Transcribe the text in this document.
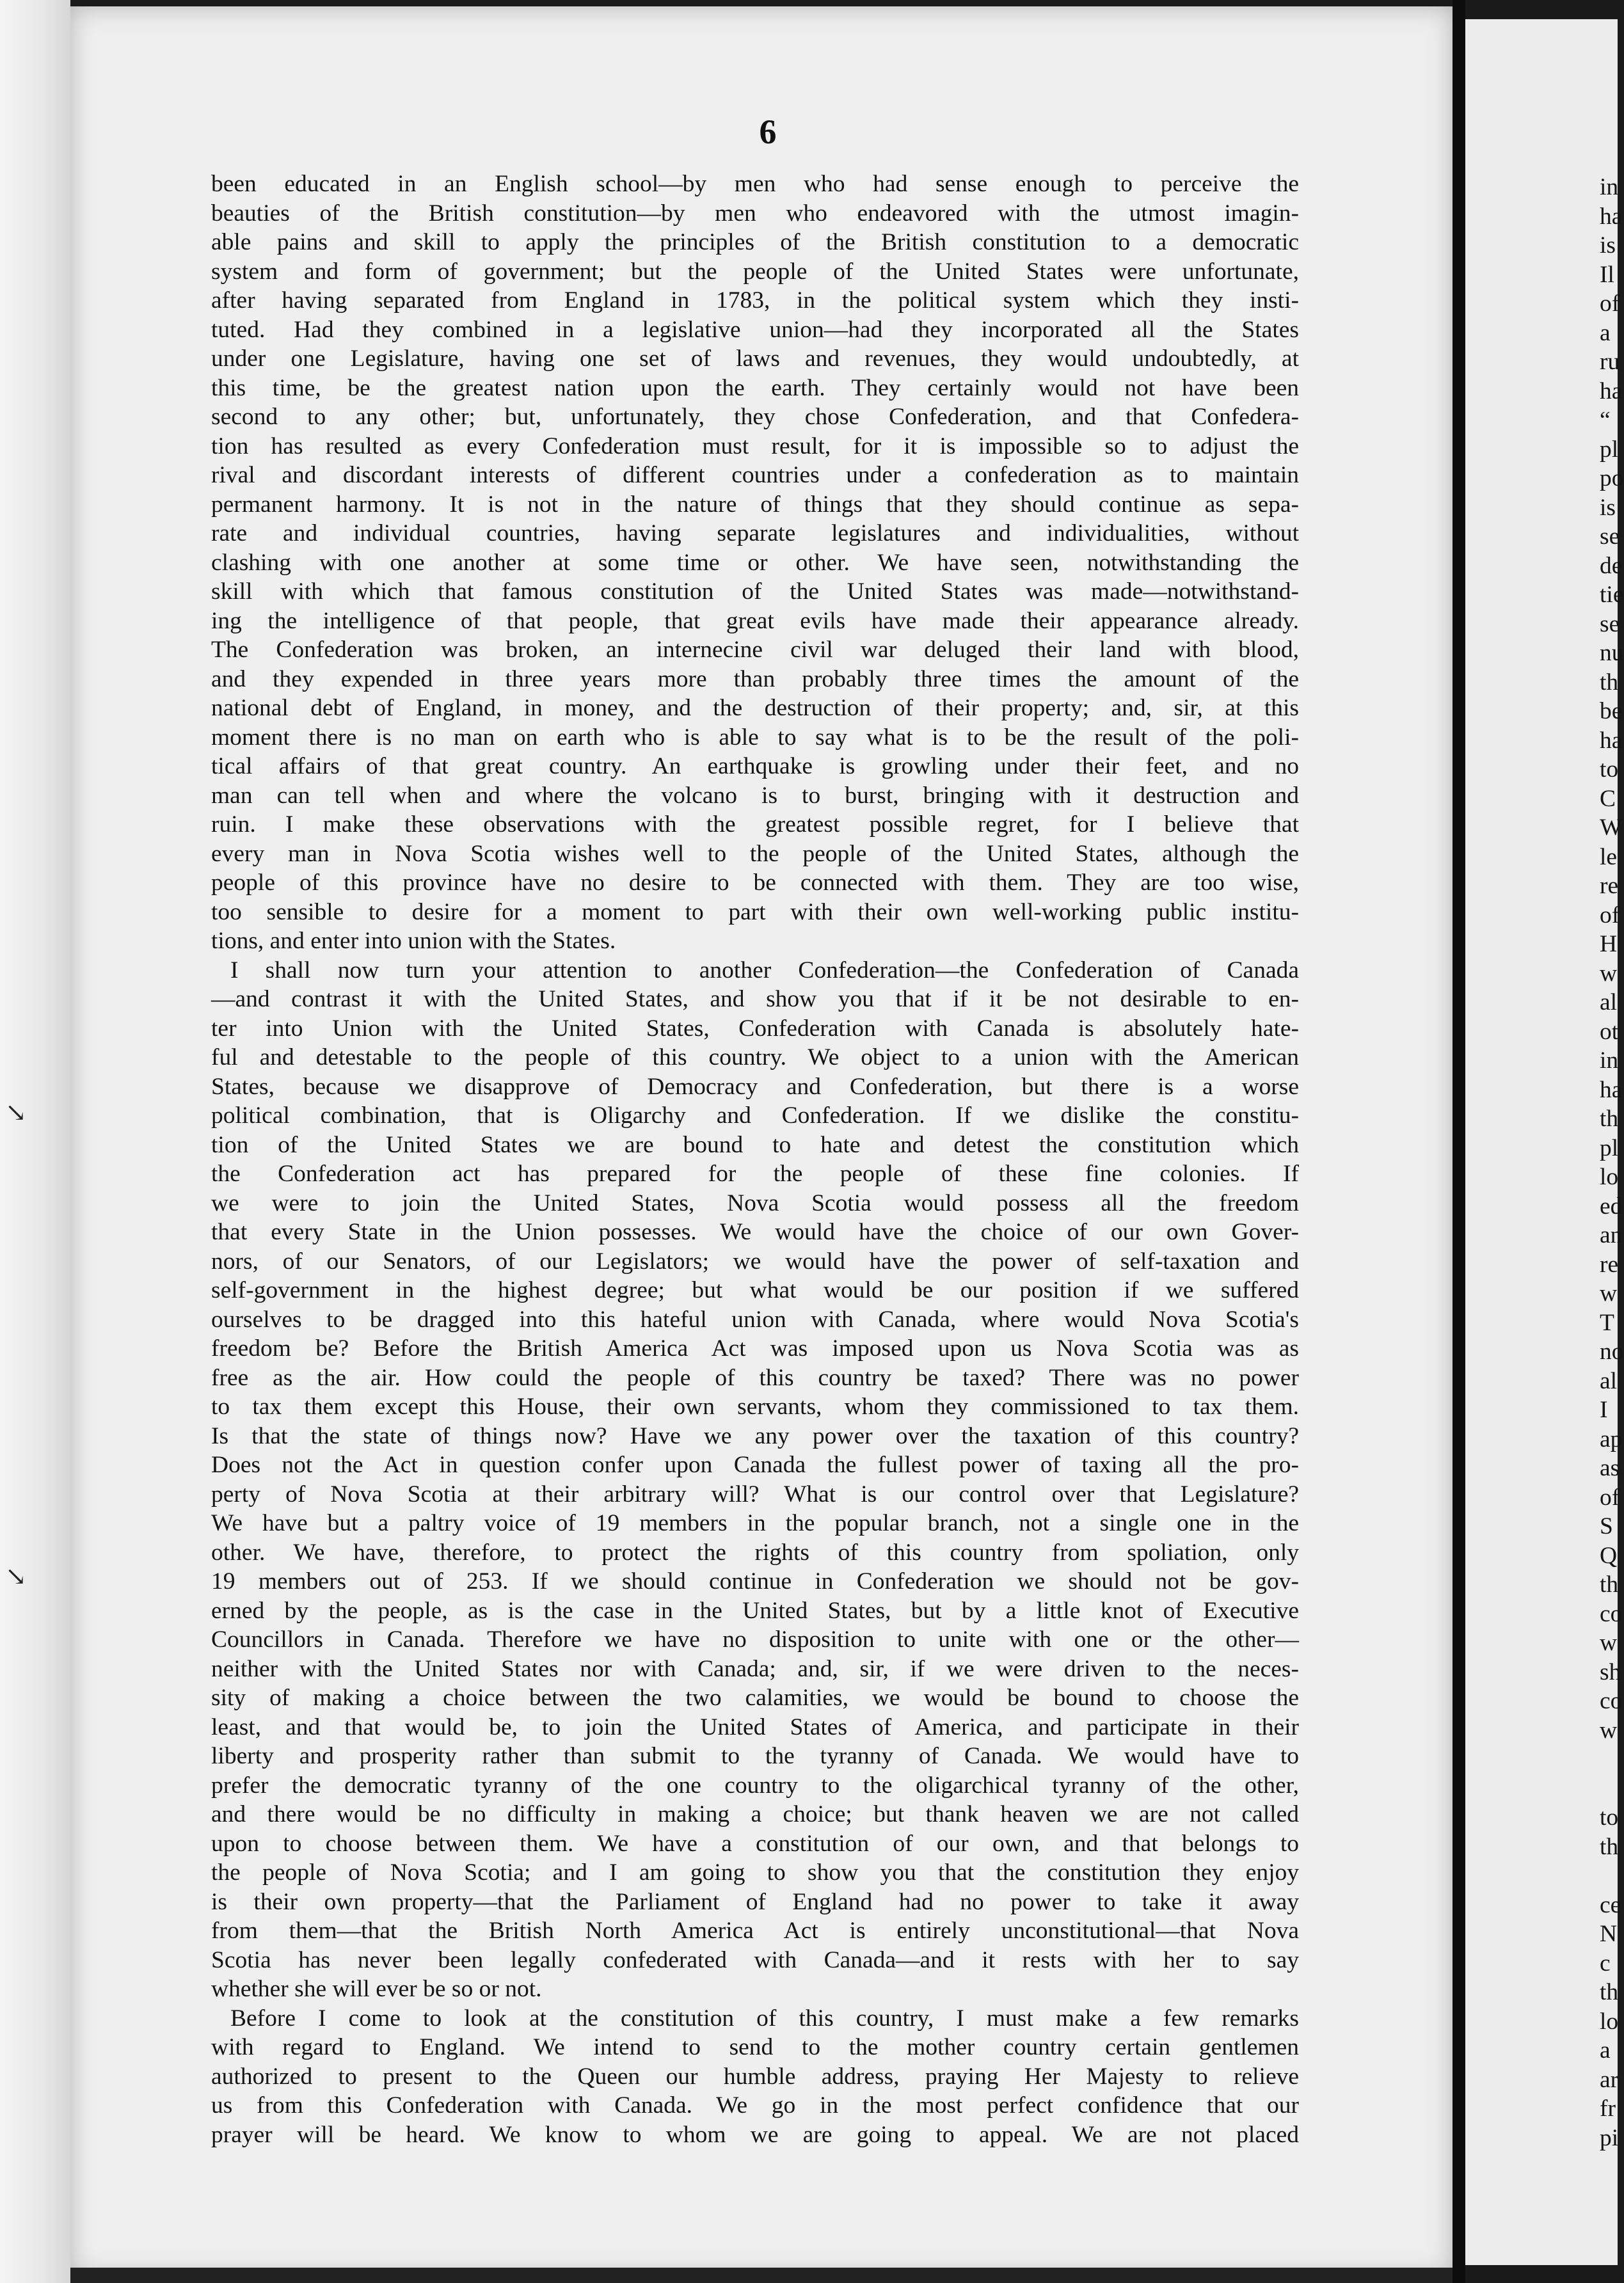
↘
↘
6
been educated in an English school—by men who had sense enough to perceive the
beauties of the British constitution—by men who endeavored with the utmost imagin-
able pains and skill to apply the principles of the British constitution to a democratic
system and form of government; but the people of the United States were unfortunate,
after having separated from England in 1783, in the political system which they insti-
tuted. Had they combined in a legislative union—had they incorporated all the States
under one Legislature, having one set of laws and revenues, they would undoubtedly, at
this time, be the greatest nation upon the earth. They certainly would not have been
second to any other; but, unfortunately, they chose Confederation, and that Confedera-
tion has resulted as every Confederation must result, for it is impossible so to adjust the
rival and discordant interests of different countries under a confederation as to maintain
permanent harmony. It is not in the nature of things that they should continue as sepa-
rate and individual countries, having separate legislatures and individualities, without
clashing with one another at some time or other. We have seen, notwithstanding the
skill with which that famous constitution of the United States was made—notwithstand-
ing the intelligence of that people, that great evils have made their appearance already.
The Confederation was broken, an internecine civil war deluged their land with blood,
and they expended in three years more than probably three times the amount of the
national debt of England, in money, and the destruction of their property; and, sir, at this
moment there is no man on earth who is able to say what is to be the result of the poli-
tical affairs of that great country. An earthquake is growling under their feet, and no
man can tell when and where the volcano is to burst, bringing with it destruction and
ruin. I make these observations with the greatest possible regret, for I believe that
every man in Nova Scotia wishes well to the people of the United States, although the
people of this province have no desire to be connected with them. They are too wise,
too sensible to desire for a moment to part with their own well-working public institu-
tions, and enter into union with the States.
I shall now turn your attention to another Confederation—the Confederation of Canada
—and contrast it with the United States, and show you that if it be not desirable to en-
ter into Union with the United States, Confederation with Canada is absolutely hate-
ful and detestable to the people of this country. We object to a union with the American
States, because we disapprove of Democracy and Confederation, but there is a worse
political combination, that is Oligarchy and Confederation. If we dislike the constitu-
tion of the United States we are bound to hate and detest the constitution which
the Confederation act has prepared for the people of these fine colonies. If
we were to join the United States, Nova Scotia would possess all the freedom
that every State in the Union possesses. We would have the choice of our own Gover-
nors, of our Senators, of our Legislators; we would have the power of self-taxation and
self-government in the highest degree; but what would be our position if we suffered
ourselves to be dragged into this hateful union with Canada, where would Nova Scotia's
freedom be? Before the British America Act was imposed upon us Nova Scotia was as
free as the air. How could the people of this country be taxed? There was no power
to tax them except this House, their own servants, whom they commissioned to tax them.
Is that the state of things now? Have we any power over the taxation of this country?
Does not the Act in question confer upon Canada the fullest power of taxing all the pro-
perty of Nova Scotia at their arbitrary will? What is our control over that Legislature?
We have but a paltry voice of 19 members in the popular branch, not a single one in the
other. We have, therefore, to protect the rights of this country from spoliation, only
19 members out of 253. If we should continue in Confederation we should not be gov-
erned by the people, as is the case in the United States, but by a little knot of Executive
Councillors in Canada. Therefore we have no disposition to unite with one or the other—
neither with the United States nor with Canada; and, sir, if we were driven to the neces-
sity of making a choice between the two calamities, we would be bound to choose the
least, and that would be, to join the United States of America, and participate in their
liberty and prosperity rather than submit to the tyranny of Canada. We would have to
prefer the democratic tyranny of the one country to the oligarchical tyranny of the other,
and there would be no difficulty in making a choice; but thank heaven we are not called
upon to choose between them. We have a constitution of our own, and that belongs to
the people of Nova Scotia; and I am going to show you that the constitution they enjoy
is their own property—that the Parliament of England had no power to take it away
from them—that the British North America Act is entirely unconstitutional—that Nova
Scotia has never been legally confederated with Canada—and it rests with her to say
whether she will ever be so or not.
Before I come to look at the constitution of this country, I must make a few remarks
with regard to England. We intend to send to the mother country certain gentlemen
authorized to present to the Queen our humble address, praying Her Majesty to relieve
us from this Confederation with Canada. We go in the most perfect confidence that our
prayer will be heard. We know to whom we are going to appeal. We are not placed
in
ha
is
Il
of
a
ru
ha
“
pl
po
is
se
de
tie
se
nu
th
be
ha
to
C
W
le
re
of
H
w
al
ot
in
ha
th
pl
lo
ed
an
re
w
T
no
al
I
ap
as
of
S
Q
th
co
w
sh
co
w
to
th
ce
N
c
th
lo
a
ar
fr
pi
